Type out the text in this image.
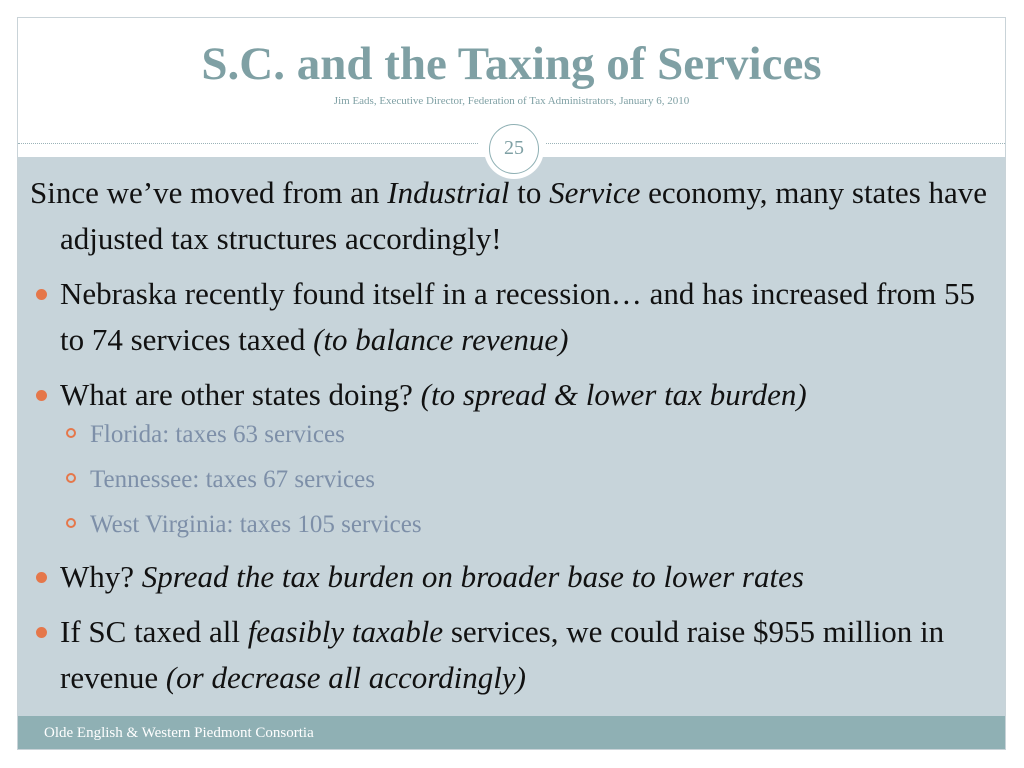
S.C. and the Taxing of Services
Jim Eads, Executive Director, Federation of Tax Administrators, January 6, 2010
25
Since we’ve moved from an Industrial to Service economy, many states have adjusted tax structures accordingly!
Nebraska recently found itself in a recession… and has increased from 55 to 74 services taxed (to balance revenue)
What are other states doing? (to spread & lower tax burden)
Florida: taxes 63 services
Tennessee: taxes 67 services
West Virginia: taxes 105 services
Why? Spread the tax burden on broader base to lower rates
If SC taxed all feasibly taxable services, we could raise $955 million in revenue (or decrease all accordingly)
Olde English & Western Piedmont Consortia
